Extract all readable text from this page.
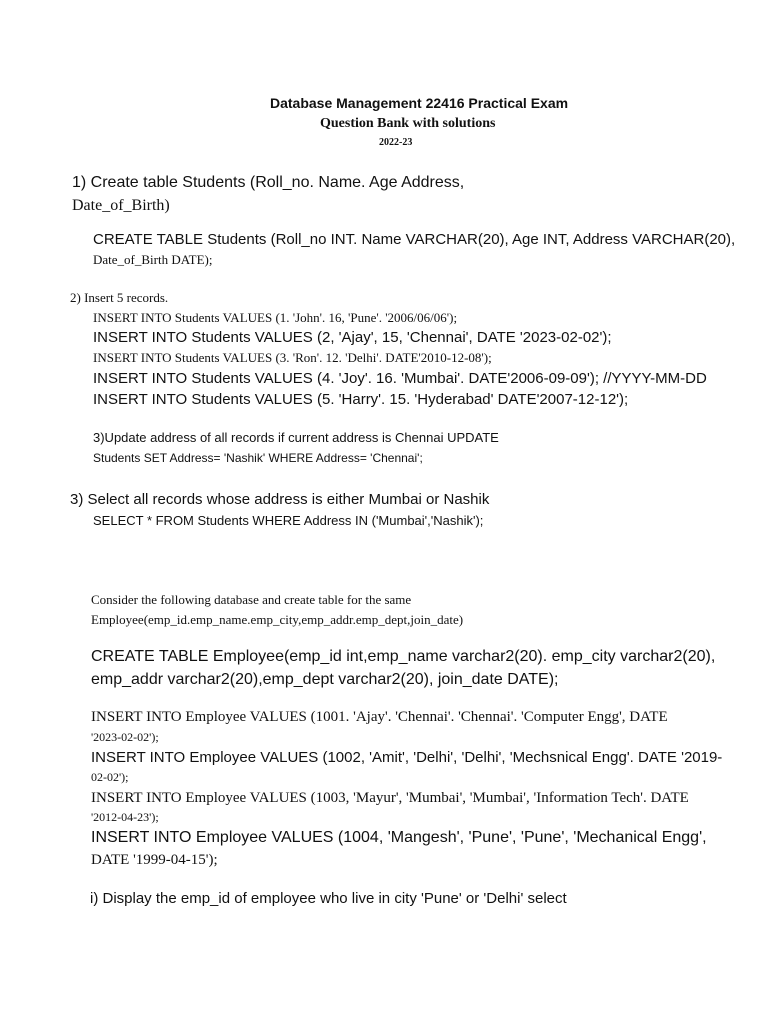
Database Management 22416 Practical Exam
Question Bank with solutions
2022-23
1) Create table Students (Roll_no. Name. Age Address,
Date_of_Birth)
CREATE TABLE Students (Roll_no INT. Name VARCHAR(20), Age INT, Address VARCHAR(20),
Date_of_Birth DATE);
2) Insert 5 records.
INSERT INTO Students VALUES (1. 'John'. 16, 'Pune'. '2006/06/06');
INSERT INTO Students VALUES (2, 'Ajay', 15, 'Chennai', DATE '2023-02-02');
INSERT INTO Students VALUES (3. 'Ron'. 12. 'Delhi'. DATE'2010-12-08');
INSERT INTO Students VALUES (4. 'Joy'. 16. 'Mumbai'. DATE'2006-09-09'); //YYYY-MM-DD
INSERT INTO Students VALUES (5. 'Harry'. 15. 'Hyderabad' DATE'2007-12-12');
3)Update address of all records if current address is Chennai UPDATE
Students SET Address= 'Nashik' WHERE Address= 'Chennai';
3) Select all records whose address is either Mumbai or Nashik
SELECT * FROM Students WHERE Address IN ('Mumbai','Nashik');
Consider the following database and create table for the same
Employee(emp_id.emp_name.emp_city,emp_addr.emp_dept,join_date)
CREATE TABLE Employee(emp_id int,emp_name varchar2(20). emp_city varchar2(20),
emp_addr varchar2(20),emp_dept varchar2(20), join_date DATE);
INSERT INTO Employee VALUES (1001. 'Ajay'. 'Chennai'. 'Chennai'. 'Computer Engg', DATE
'2023-02-02');
INSERT INTO Employee VALUES (1002, 'Amit', 'Delhi', 'Delhi', 'Mechsnical Engg'. DATE '2019-
02-02');
INSERT INTO Employee VALUES (1003, 'Mayur', 'Mumbai', 'Mumbai', 'Information Tech'. DATE
'2012-04-23');
INSERT INTO Employee VALUES (1004, 'Mangesh', 'Pune', 'Pune', 'Mechanical Engg',
DATE '1999-04-15');
i) Display the emp_id of employee who live in city 'Pune' or 'Delhi' select
